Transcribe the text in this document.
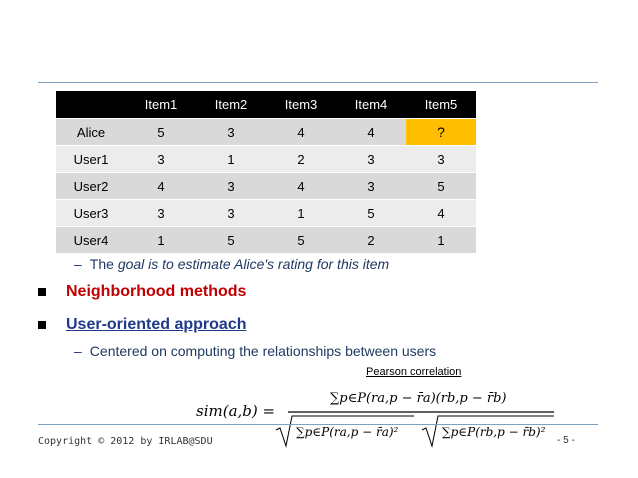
	Item1	Item2	Item3	Item4	Item5
Alice	5	3	4	4	?
User1	3	1	2	3	3
User2	4	3	4	3	5
User3	3	3	1	5	4
User4	1	5	5	2	1
– The goal is to estimate Alice's rating for this item
Neighborhood methods
User-oriented approach
– Centered on computing the relationships between users
Pearson correlation
sim(a,b) =
∑p∈P(ra,p − r̄a)(rb,p − r̄b)
∑p∈P(ra,p − r̄a)²	∑p∈P(rb,p − r̄b)²
Copyright © 2012 by IRLAB@SDU	- 5 -
